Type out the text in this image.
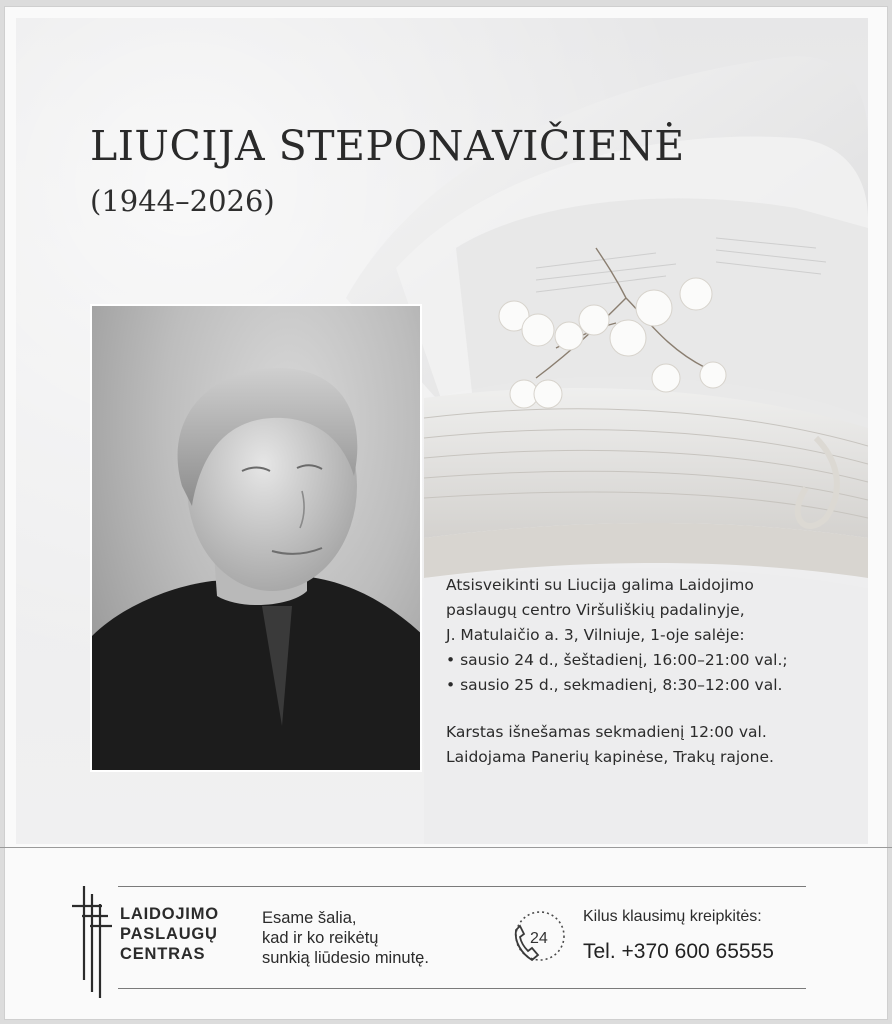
LIUCIJA STEPONAVIČIENĖ
(1944–2026)

Atsisveikinti su Liucija galima Laidojimo

paslaugų centro Viršuliškių padalinyje,

J. Matulaičio a. 3, Vilniuje, 1-oje salėje:

• sausio 24 d., šeštadienį, 16:00–21:00 val.;

• sausio 25 d., sekmadienį, 8:30–12:00 val.

Karstas išnešamas sekmadienį 12:00 val.

Laidojama Panerių kapinėse, Trakų rajone.

LAIDOJIMO
PASLAUGŲ
CENTRAS
Esame šalia,
kad ir ko reikėtų
sunkią liūdesio minutę.
24
Kilus klausimų kreipkitės:
Tel. +370 600 65555
